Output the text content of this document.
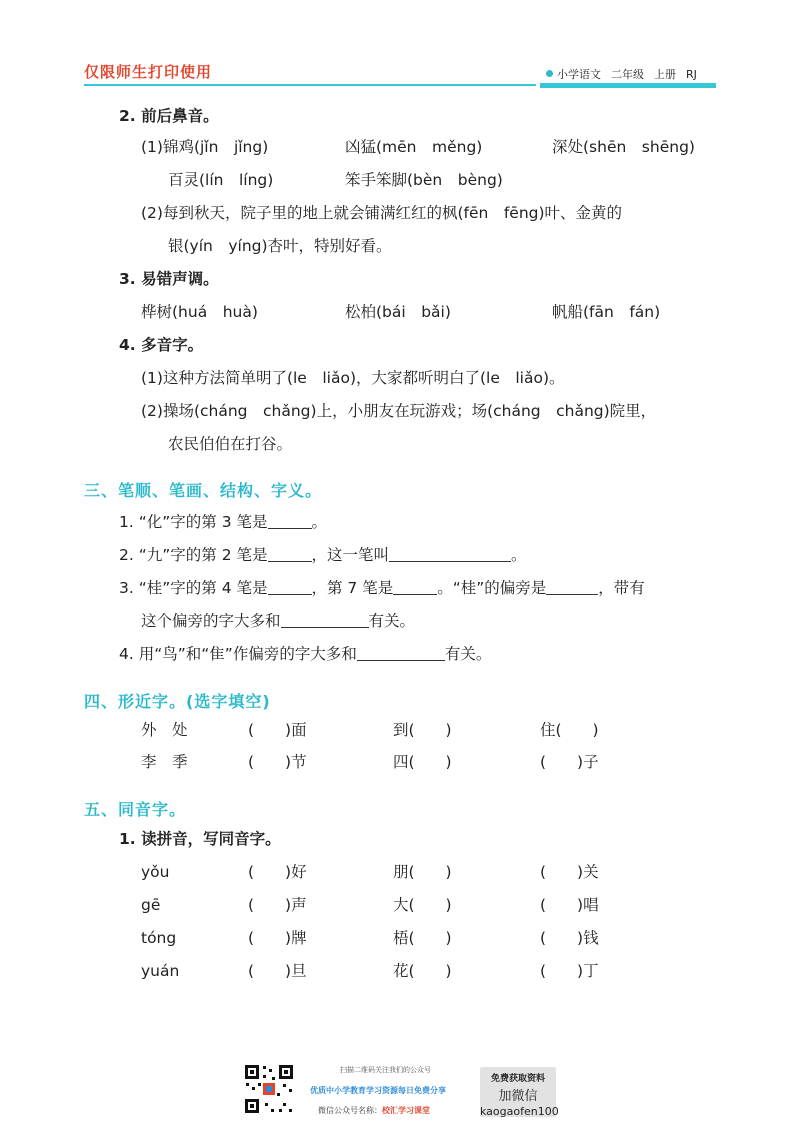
仅限师生打印使用	小学语文 二年级 上册 RJ
2. 前后鼻音。
(1)锦鸡(jǐn　jǐng)	凶猛(mēn　měng)	深处(shēn　shēng)
百灵(lín　líng)	笨手笨脚(bèn　bèng)
(2)每到秋天，院子里的地上就会铺满红红的枫(fēn　fēng)叶、金黄的
银(yín　yíng)杏叶，特别好看。
3. 易错声调。
桦树(huá　huà)	松柏(bái　bǎi)	帆船(fān　fán)
4. 多音字。
(1)这种方法简单明了(le　liǎo)，大家都听明白了(le　liǎo)。
(2)操场(cháng　chǎng)上，小朋友在玩游戏；场(cháng　chǎng)院里，
农民伯伯在打谷。
三、笔顺、笔画、结构、字义。
1. “化”字的第 3 笔是	。
2. “九”字的第 2 笔是	，这一笔叫	。
3. “桂”字的第 4 笔是	，第 7 笔是	。“桂”的偏旁是	，带有
这个偏旁的字大多和	有关。
4. 用“鸟”和“隹”作偏旁的字大多和	有关。
四、形近字。(选字填空)
外　处	(　　)面	到(　　)	住(　　)
李　季	(　　)节	四(　　)	(　　)子
五、同音字。
1. 读拼音，写同音字。
yǒu	(　　)好	朋(　　)	(　　)关
gē	(　　)声	大(　　)	(　　)唱
tóng	(　　)牌	梧(　　)	(　　)钱
yuán	(　　)旦	花(　　)	(　　)丁
扫描二维码关注我们的公众号
优质中小学教育学习资源每日免费分享
微信公众号名称：校汇学习课堂
免费获取资料
加微信
kaogaofen100
